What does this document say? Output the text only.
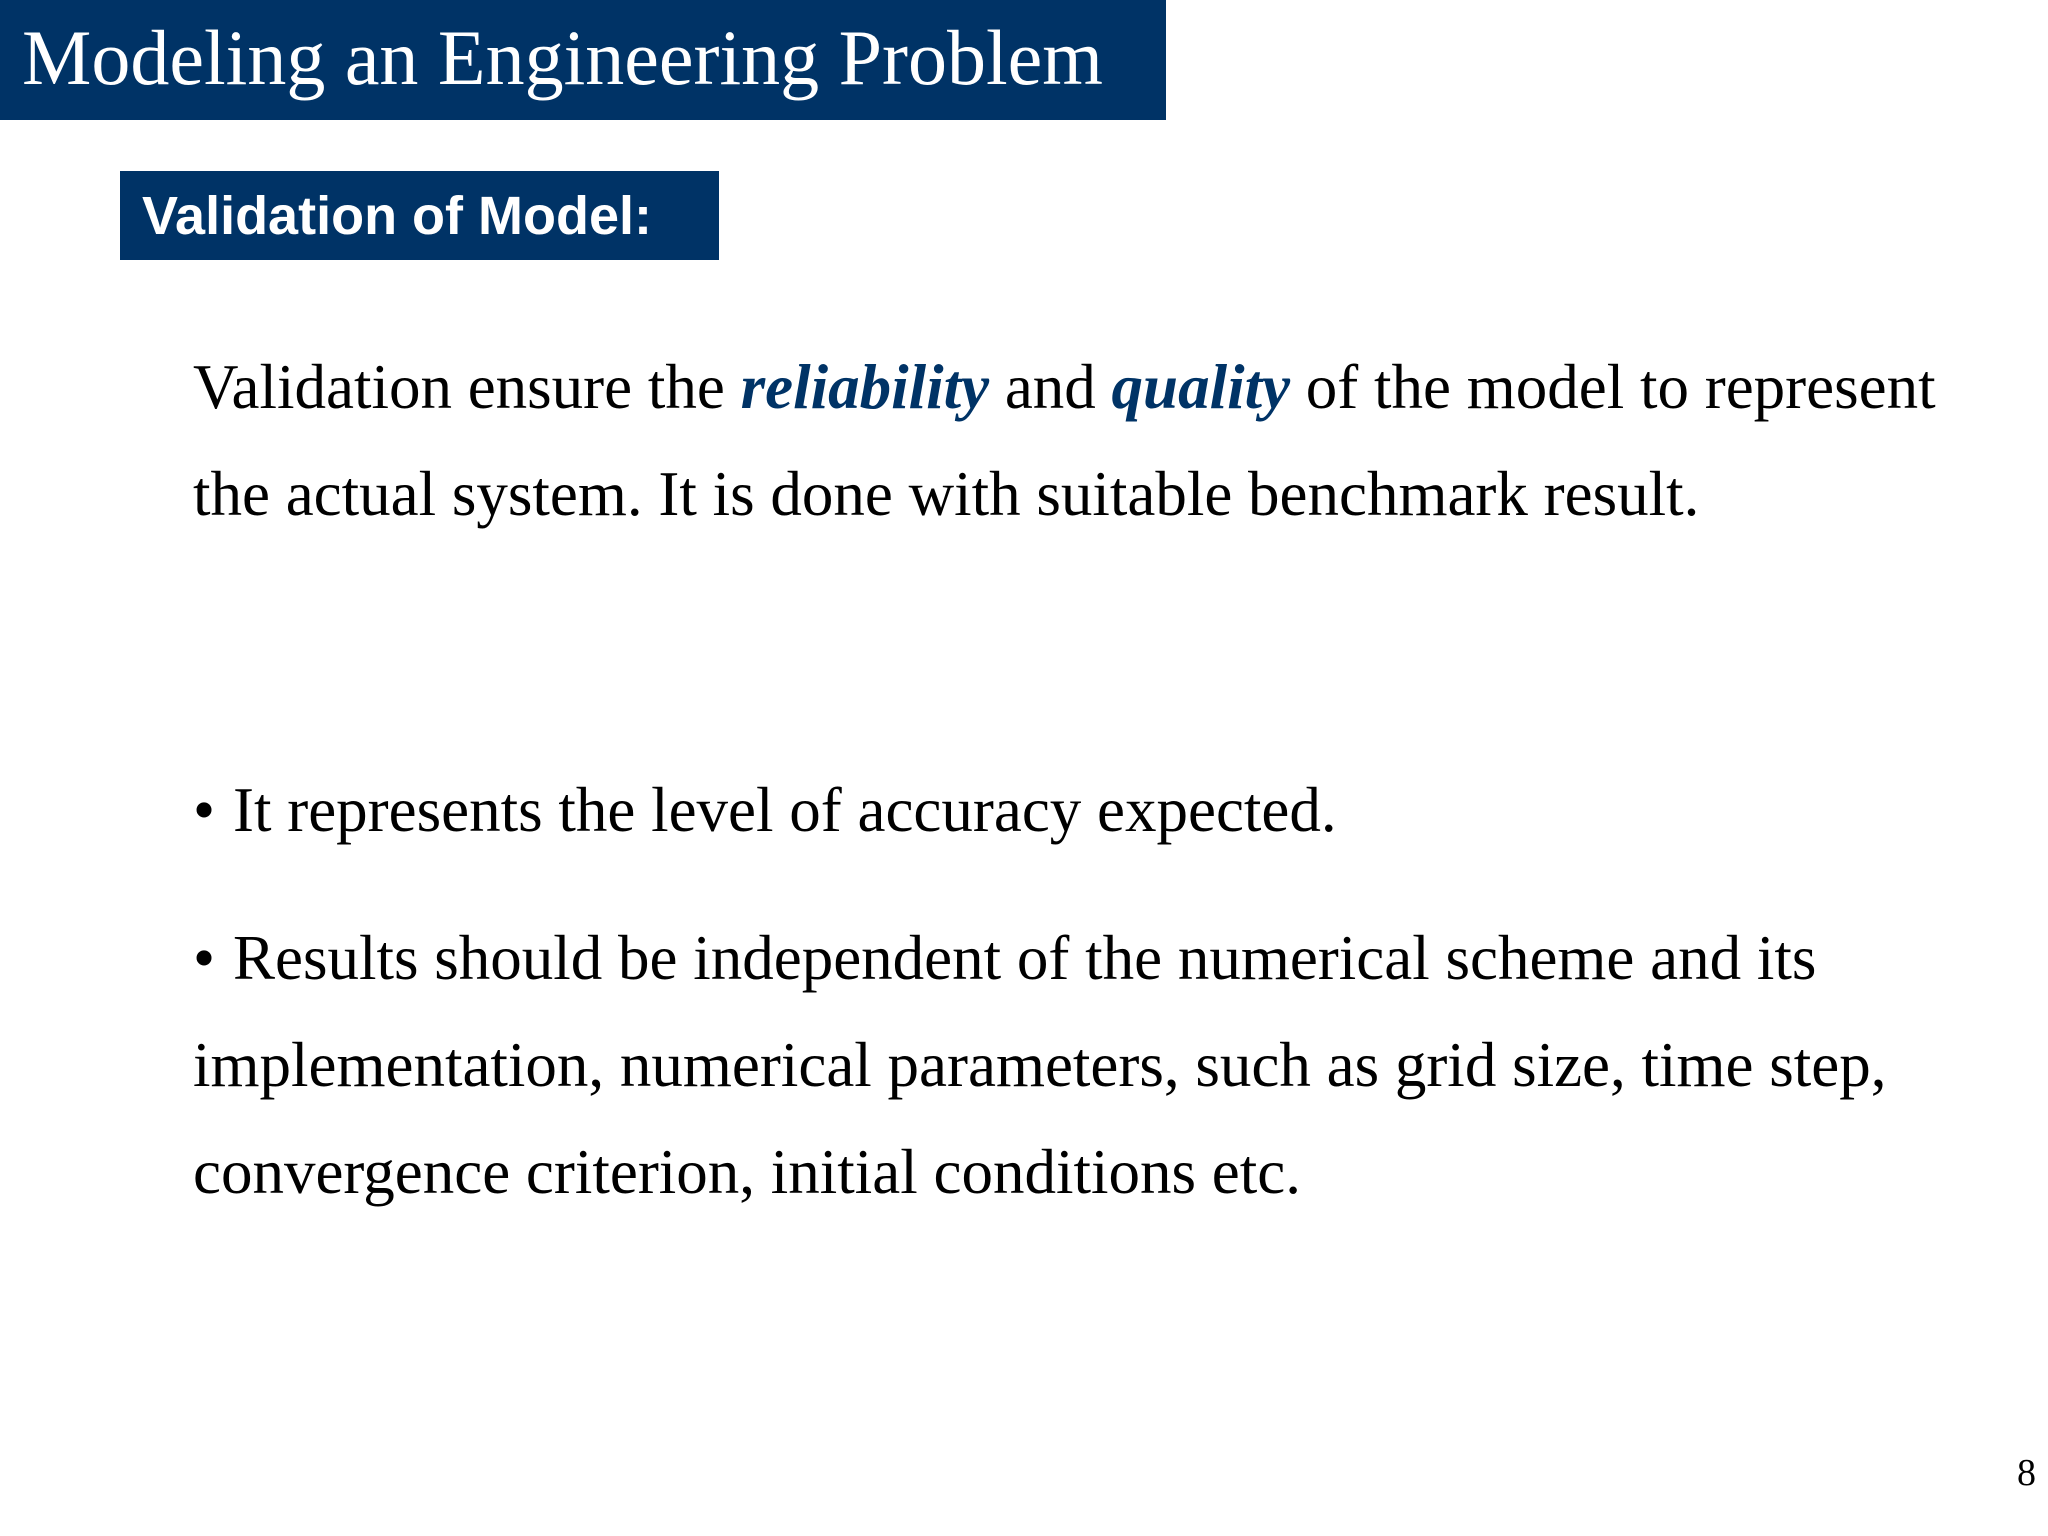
Modeling an Engineering Problem
Validation of Model:

Validation ensure the reliability and quality of the model to represent the actual system. It is done with suitable benchmark result.

• It represents the level of accuracy expected.
• Results should be independent of the numerical scheme and its implementation, numerical parameters, such as grid size, time step, convergence criterion, initial conditions etc.
8
